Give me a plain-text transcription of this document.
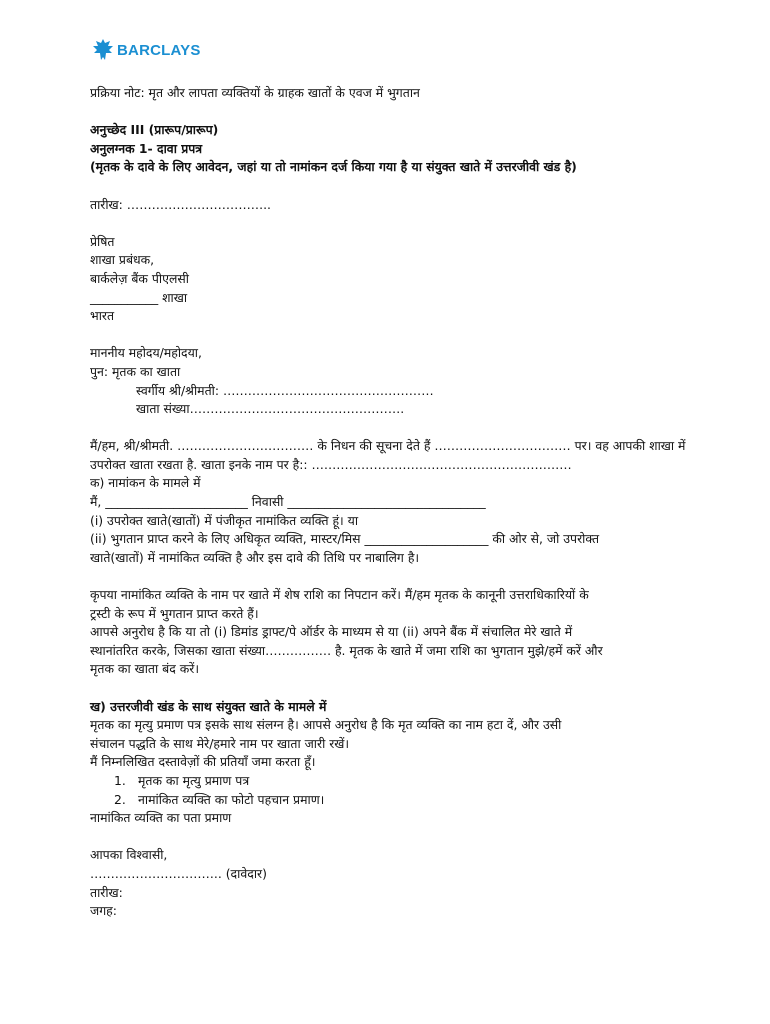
BARCLAYS
प्रक्रिया नोट: मृत और लापता व्यक्तियों के ग्राहक खातों के एवज में भुगतान
अनुच्छेद III (प्रारूप/प्रारूप)
अनुलग्नक 1- दावा प्रपत्र
(मृतक के दावे के लिए आवेदन, जहां या तो नामांकन दर्ज किया गया है या संयुक्त खाते में उत्तरजीवी खंड है)
तारीख: ……………………………..
प्रेषित
शाखा प्रबंधक,
बार्कलेज़ बैंक पीएलसी
___________ शाखा
भारत
माननीय महोदय/महोदया,
पुन: मृतक का खाता
स्वर्गीय श्री/श्रीमती: ……………………………………………
खाता संख्या…………………………………………….
मैं/हम, श्री/श्रीमती. …………………………… के निधन की सूचना देते हैं …………………………… पर। वह आपकी शाखा में
उपरोक्त खाता रखता है. खाता इनके नाम पर है:: ………………………………………………………
क) नामांकन के मामले में
मैं, _______________________ निवासी ________________________________
(i) उपरोक्त खाते(खातों) में पंजीकृत नामांकित व्यक्ति हूं। या
(ii) भुगतान प्राप्त करने के लिए अधिकृत व्यक्ति, मास्टर/मिस ____________________ की ओर से, जो उपरोक्त
खाते(खातों) में नामांकित व्यक्ति है और इस दावे की तिथि पर नाबालिग है।
कृपया नामांकित व्यक्ति के नाम पर खाते में शेष राशि का निपटान करें। मैं/हम मृतक के कानूनी उत्तराधिकारियों के
ट्रस्टी के रूप में भुगतान प्राप्त करते हैं।
आपसे अनुरोध है कि या तो (i) डिमांड ड्राफ्ट/पे ऑर्डर के माध्यम से या (ii) अपने बैंक में संचालित मेरे खाते में
स्थानांतरित करके, जिसका खाता संख्या……………. है. मृतक के खाते में जमा राशि का भुगतान मुझे/हमें करें और
मृतक का खाता बंद करें।
ख) उत्तरजीवी खंड के साथ संयुक्त खाते के मामले में
मृतक का मृत्यु प्रमाण पत्र इसके साथ संलग्न है। आपसे अनुरोध है कि मृत व्यक्ति का नाम हटा दें, और उसी
संचालन पद्धति के साथ मेरे/हमारे नाम पर खाता जारी रखें।
मैं निम्नलिखित दस्तावेज़ों की प्रतियाँ जमा करता हूँ।
1. मृतक का मृत्यु प्रमाण पत्र
2. नामांकित व्यक्ति का फोटो पहचान प्रमाण।
नामांकित व्यक्ति का पता प्रमाण
आपका विश्वासी,
………………………….. (दावेदार)
तारीख:
जगह:
